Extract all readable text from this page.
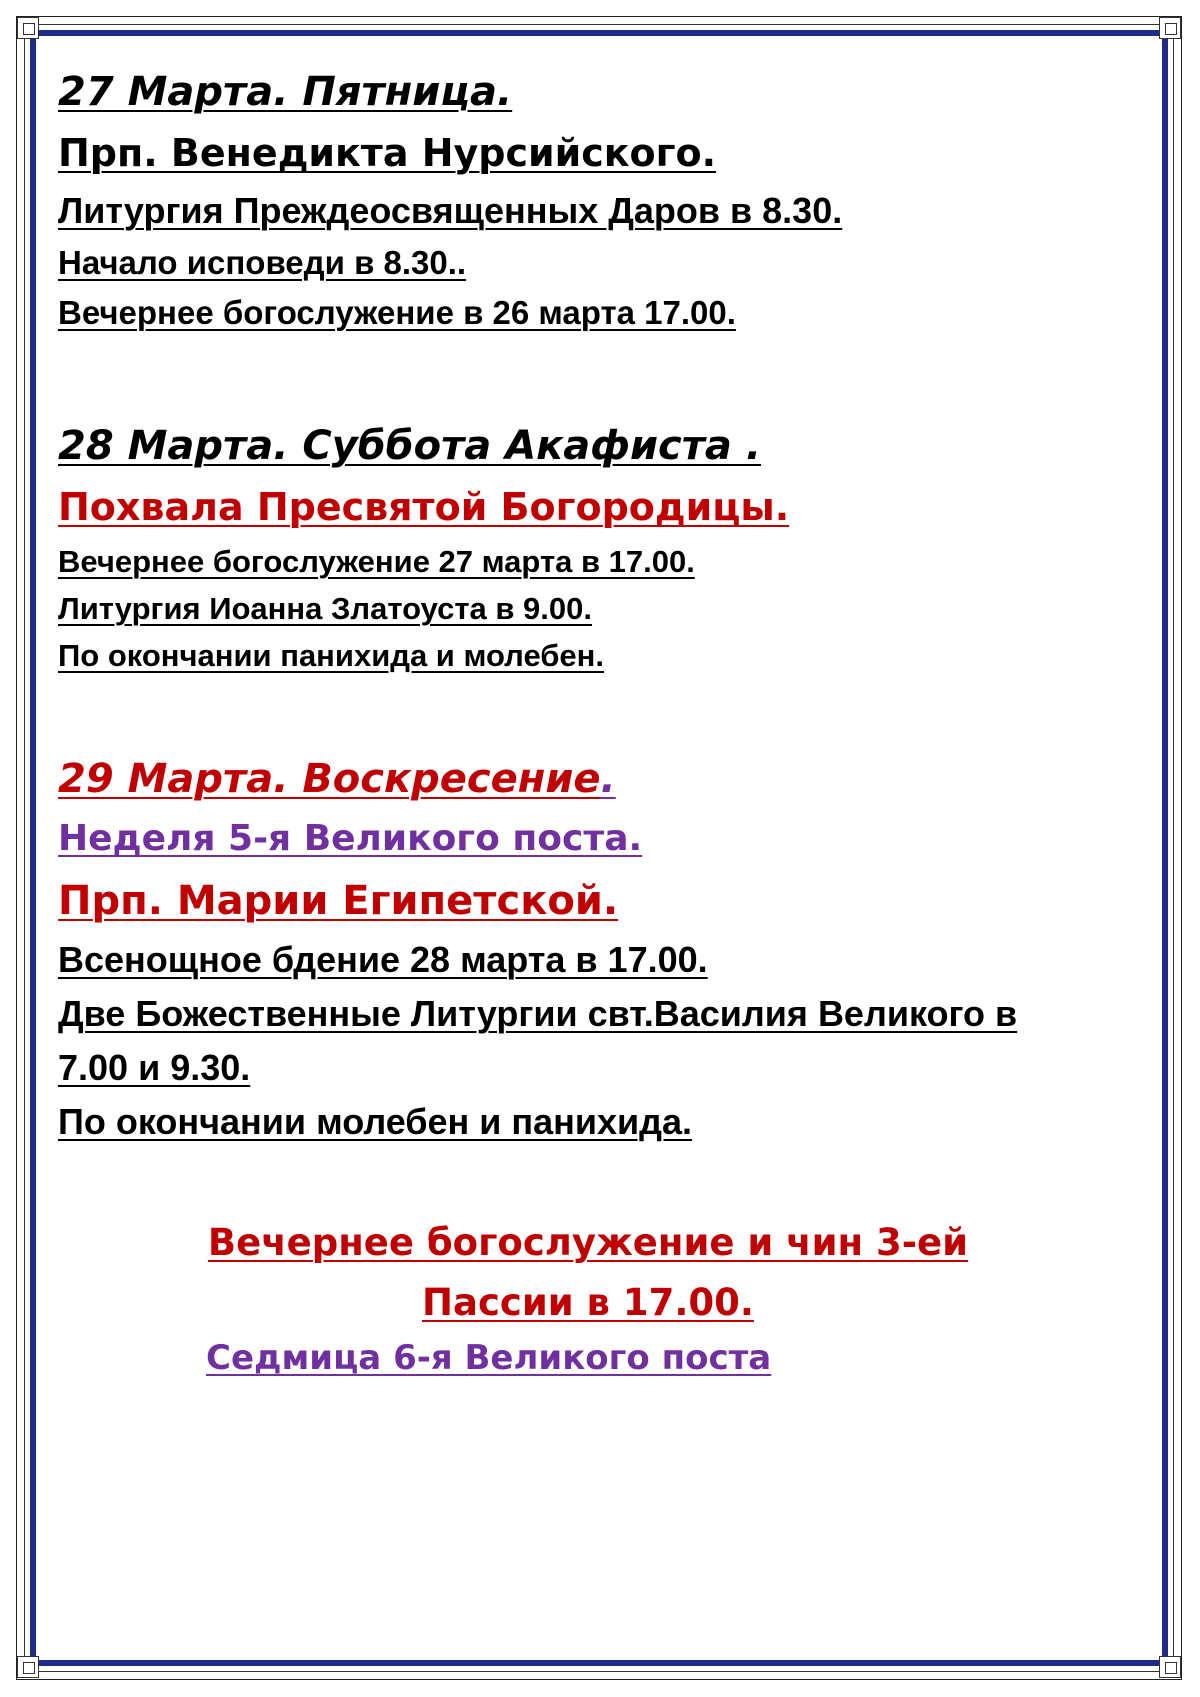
27 Марта. Пятница.
Прп. Венедикта Нурсийского.
Литургия Преждеосвященных Даров в 8.30.
Начало исповеди в 8.30..
Вечернее богослужение в 26 марта 17.00.
28 Марта. Суббота Акафиста .
Похвала Пресвятой Богородицы.
Вечернее богослужение 27 марта в 17.00.
Литургия Иоанна Златоуста в 9.00.
По окончании панихида и молебен.
29 Марта. Воскресение.
Неделя 5-я Великого поста.
Прп. Марии Египетской.
Всенощное бдение 28 марта в 17.00.
Две Божественные Литургии свт.Василия Великого в
7.00 и 9.30.
По окончании молебен и панихида.
Вечернее богослужение и чин 3-ей
Пассии в 17.00.
Седмица 6-я Великого поста
